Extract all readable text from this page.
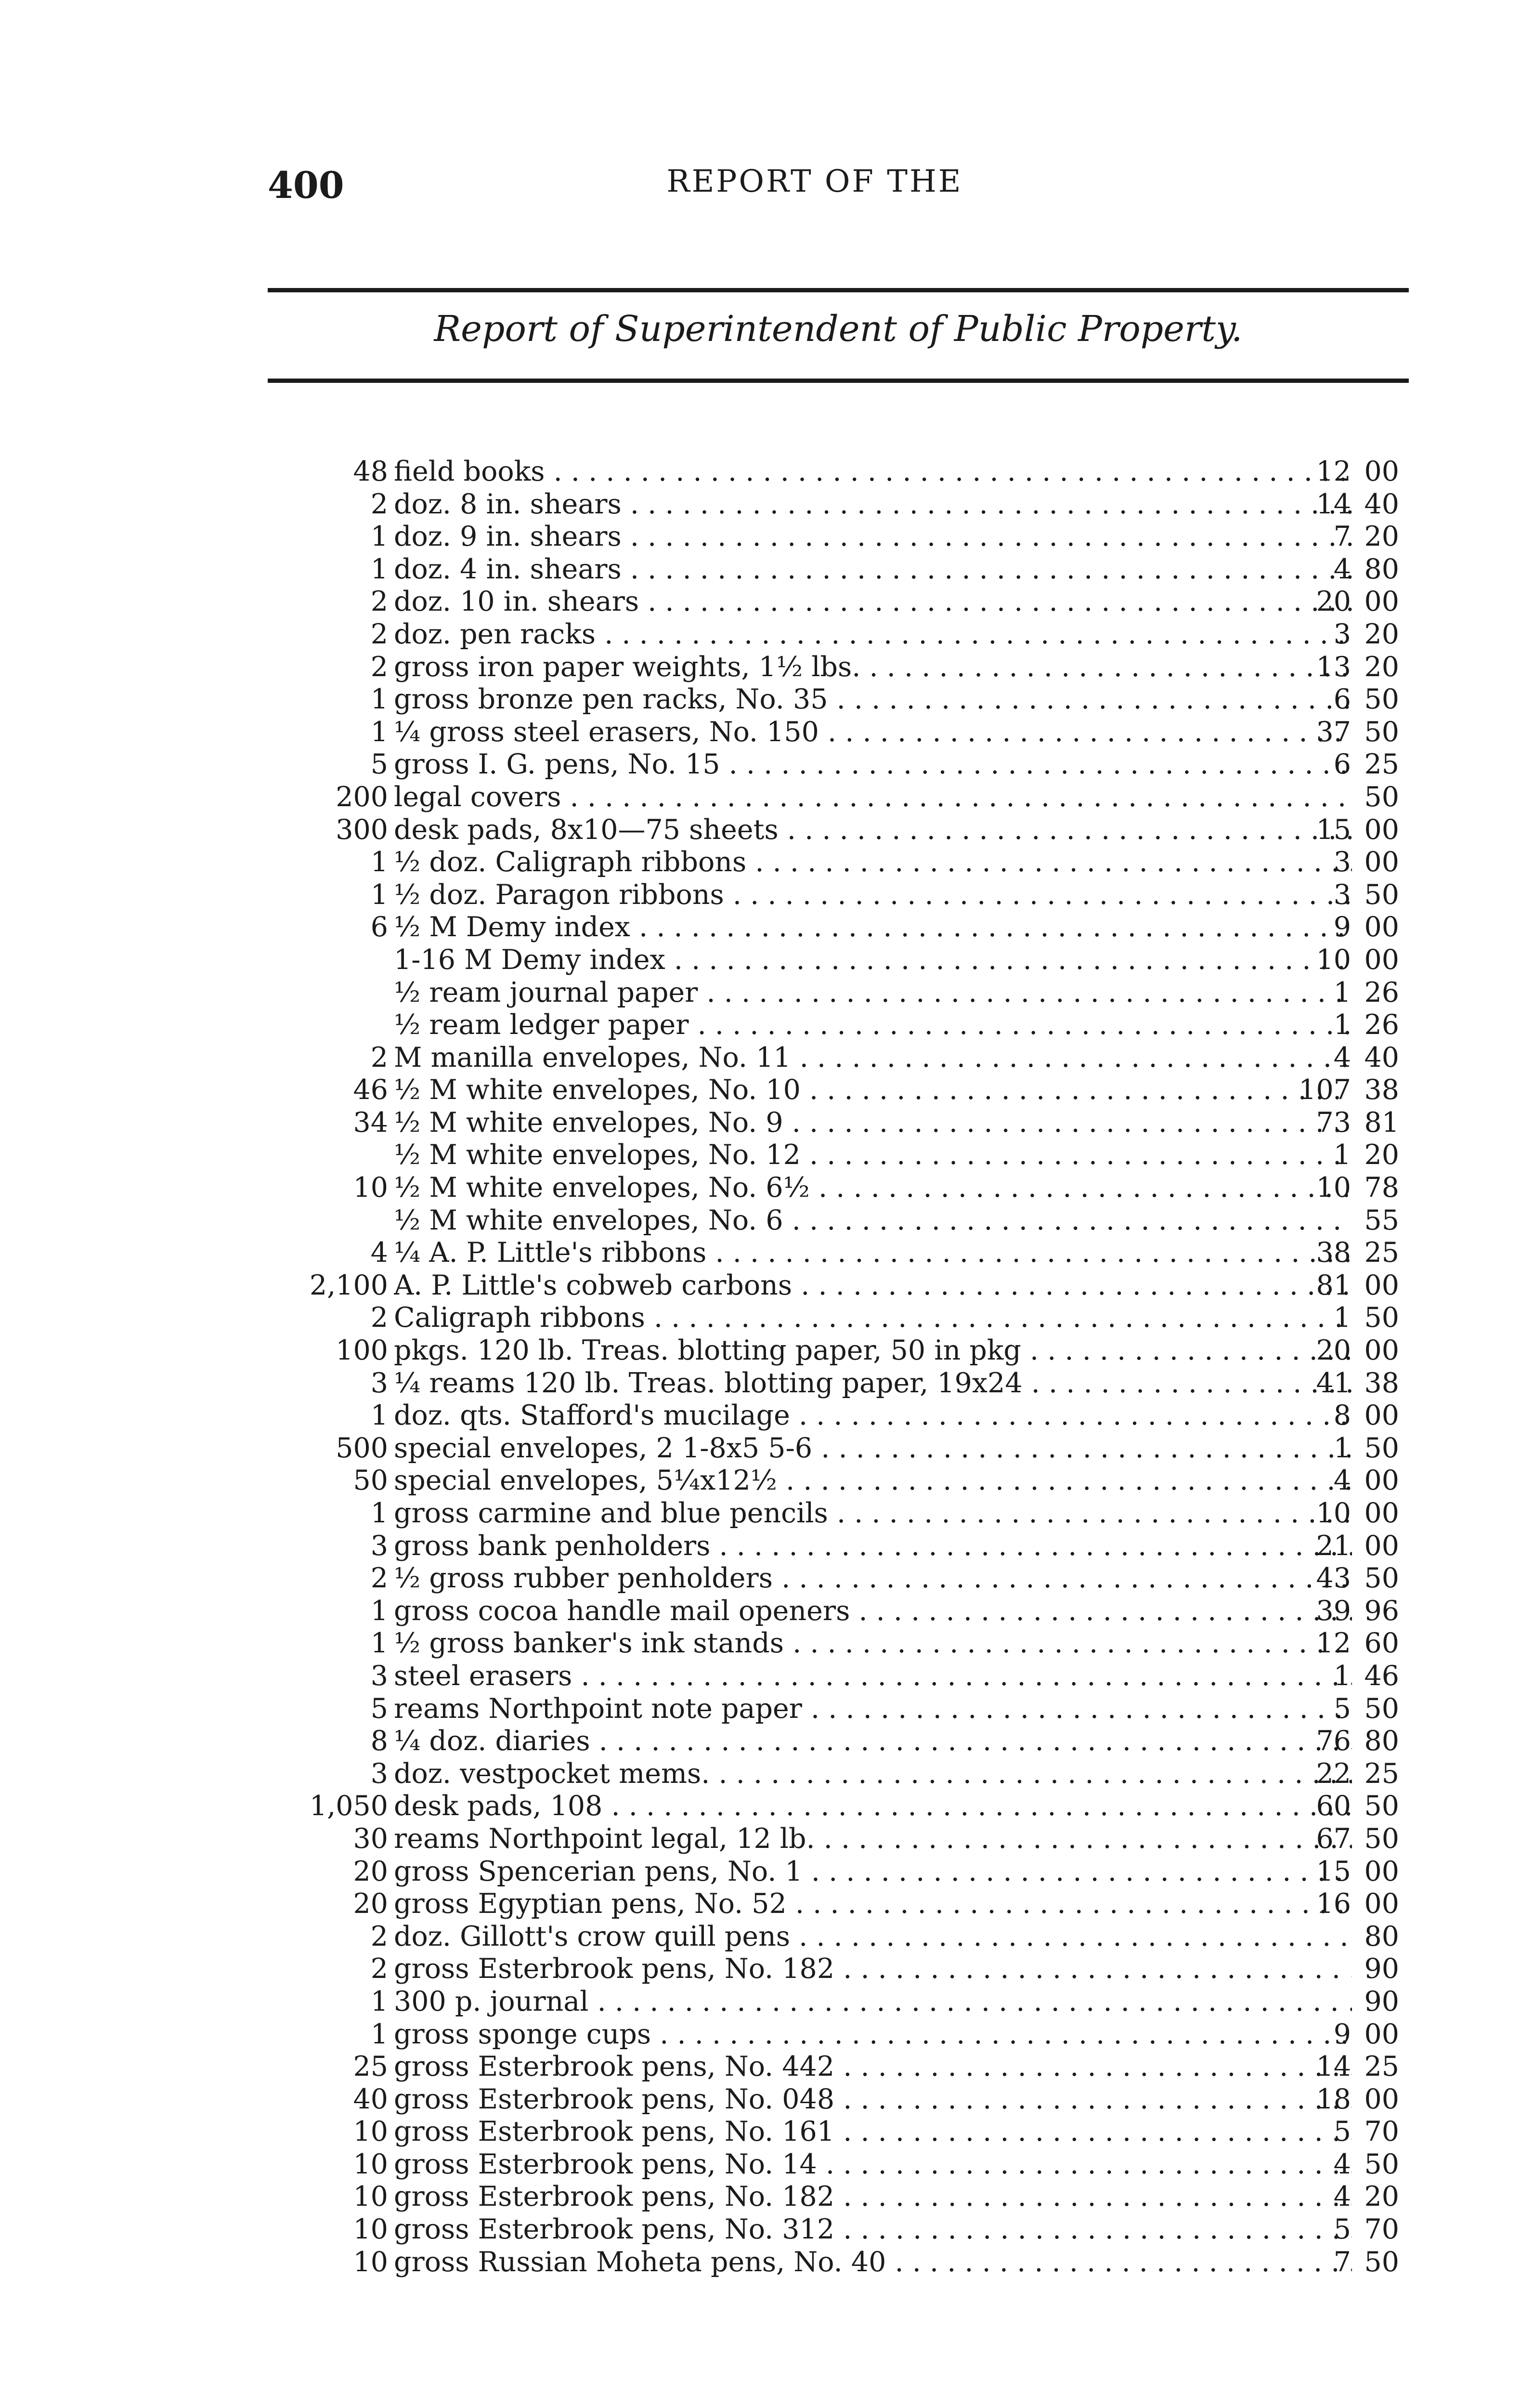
400	REPORT OF THE
Report of Superintendent of Public Property.
48 field books . . .	12 00
2 doz. 8 in. shears . . .	14 40
1 doz. 9 in. shears . . .	7 20
1 doz. 4 in. shears . . .	4 80
2 doz. 10 in. shears . . .	20 00
2 doz. pen racks . . .	3 20
2 gross iron paper weights, 1½ lbs. . . .	13 20
1 gross bronze pen racks, No. 35 . . .	6 50
1 ¼ gross steel erasers, No. 150 . . .	37 50
5 gross I. G. pens, No. 15 . . .	6 25
200 legal covers . . .	50
300 desk pads, 8x10—75 sheets . . .	15 00
1 ½ doz. Caligraph ribbons . . .	3 00
1 ½ doz. Paragon ribbons . . .	3 50
6 ½ M Demy index . . .	9 00
1-16 M Demy index . . .	10 00
½ ream journal paper . . .	1 26
½ ream ledger paper . . .	1 26
2 M manilla envelopes, No. 11 . . .	4 40
46 ½ M white envelopes, No. 10 . . .	107 38
34 ½ M white envelopes, No. 9 . . .	73 81
½ M white envelopes, No. 12 . . .	1 20
10 ½ M white envelopes, No. 6½ . . .	10 78
½ M white envelopes, No. 6 . . .	55
4 ¼ A. P. Little's ribbons . . .	38 25
2,100 A. P. Little's cobweb carbons . . .	81 00
2 Caligraph ribbons . . .	1 50
100 pkgs. 120 lb. Treas. blotting paper, 50 in pkg . . .	20 00
3 ¼ reams 120 lb. Treas. blotting paper, 19x24 . . .	41 38
1 doz. qts. Stafford's mucilage . . .	8 00
500 special envelopes, 2 1-8x5 5-6 . . .	1 50
50 special envelopes, 5¼x12½ . . .	4 00
1 gross carmine and blue pencils . . .	10 00
3 gross bank penholders . . .	21 00
2 ½ gross rubber penholders . . .	43 50
1 gross cocoa handle mail openers . . .	39 96
1 ½ gross banker's ink stands . . .	12 60
3 steel erasers . . .	1 46
5 reams Northpoint note paper . . .	5 50
8 ¼ doz. diaries . . .	76 80
3 doz. vestpocket mems. . . .	22 25
1,050 desk pads, 108 . . .	60 50
30 reams Northpoint legal, 12 lb. . . .	67 50
20 gross Spencerian pens, No. 1 . . .	15 00
20 gross Egyptian pens, No. 52 . . .	16 00
2 doz. Gillott's crow quill pens . . .	80
2 gross Esterbrook pens, No. 182 . . .	90
1 300 p. journal . . .	90
1 gross sponge cups . . .	9 00
25 gross Esterbrook pens, No. 442 . . .	14 25
40 gross Esterbrook pens, No. 048 . . .	18 00
10 gross Esterbrook pens, No. 161 . . .	5 70
10 gross Esterbrook pens, No. 14 . . .	4 50
10 gross Esterbrook pens, No. 182 . . .	4 20
10 gross Esterbrook pens, No. 312 . . .	5 70
10 gross Russian Moheta pens, No. 40 . . .	7 50
